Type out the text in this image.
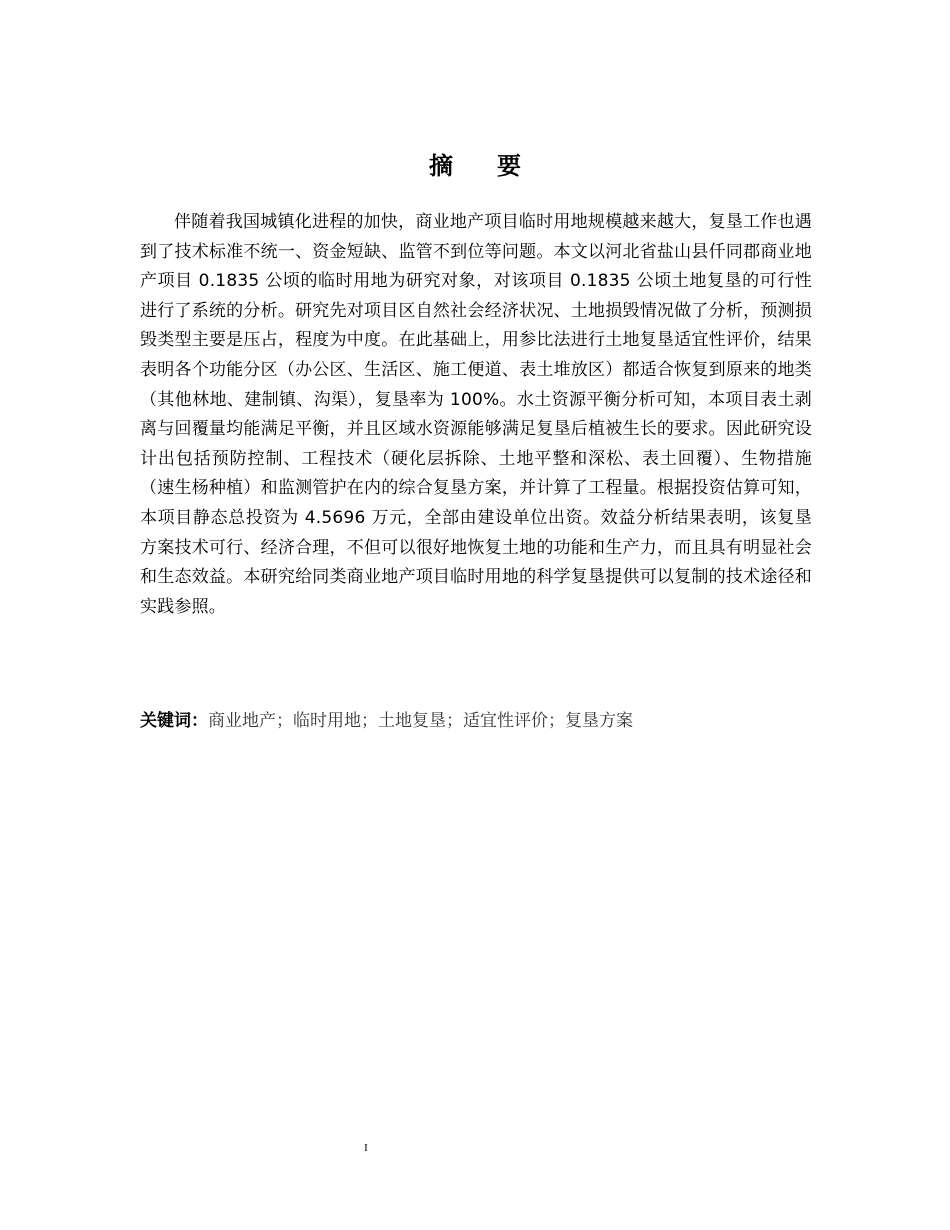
摘要

伴随着我国城镇化进程的加快，商业地产项目临时用地规模越来越大，复垦工作也遇到了技术标准不统一、资金短缺、监管不到位等问题。本文以河北省盐山县仟同郡商业地产项目 0.1835 公顷的临时用地为研究对象，对该项目 0.1835 公顷土地复垦的可行性进行了系统的分析。研究先对项目区自然社会经济状况、土地损毁情况做了分析，预测损毁类型主要是压占，程度为中度。在此基础上，用参比法进行土地复垦适宜性评价，结果表明各个功能分区（办公区、生活区、施工便道、表土堆放区）都适合恢复到原来的地类（其他林地、建制镇、沟渠），复垦率为 100%。水土资源平衡分析可知，本项目表土剥离与回覆量均能满足平衡，并且区域水资源能够满足复垦后植被生长的要求。因此研究设计出包括预防控制、工程技术（硬化层拆除、土地平整和深松、表土回覆）、生物措施（速生杨种植）和监测管护在内的综合复垦方案，并计算了工程量。根据投资估算可知，本项目静态总投资为 4.5696 万元，全部由建设单位出资。效益分析结果表明，该复垦方案技术可行、经济合理，不但可以很好地恢复土地的功能和生产力，而且具有明显社会和生态效益。本研究给同类商业地产项目临时用地的科学复垦提供可以复制的技术途径和实践参照。

关键词：商业地产；临时用地；土地复垦；适宜性评价；复垦方案
I
